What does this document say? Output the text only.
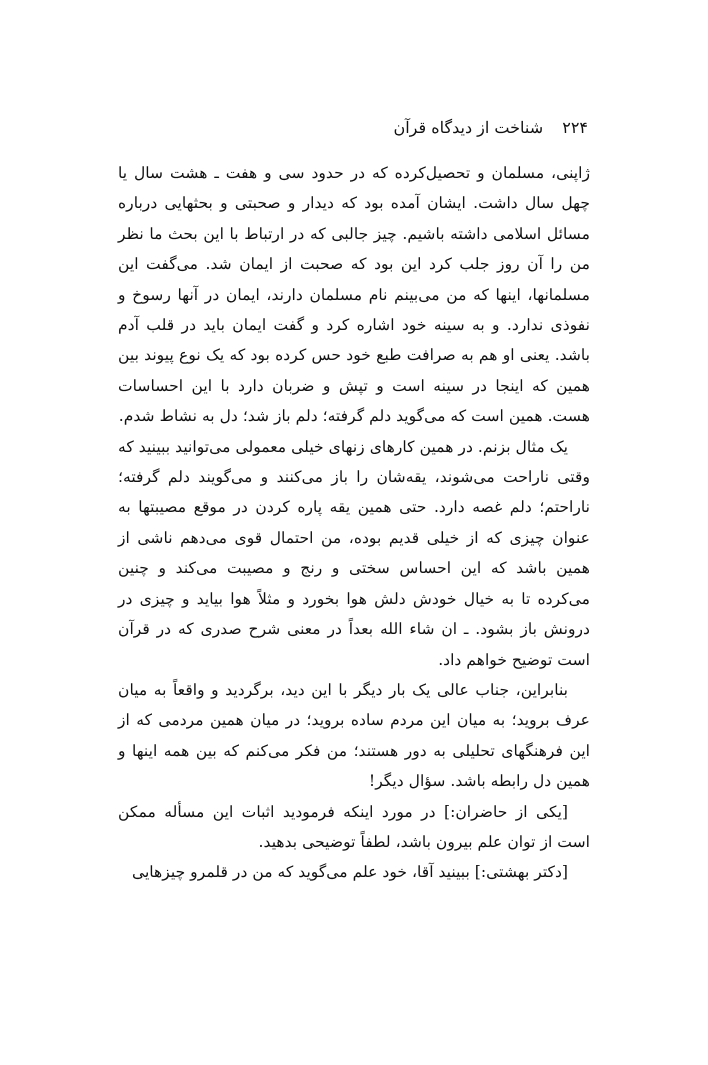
۲۲۴ شناخت از دیدگاه قرآن

ژاپنی، مسلمان و تحصیل‌کرده که در حدود سی و هفت ـ هشت سال یا چهل سال داشت. ایشان آمده بود که دیدار و صحبتی و بحثهایی درباره مسائل اسلامی داشته باشیم. چیز جالبی که در ارتباط با این بحث ما نظر من را آن روز جلب کرد این بود که صحبت از ایمان شد. می‌گفت این مسلمانها، اینها که من می‌بینم نام مسلمان دارند، ایمان در آنها رسوخ و نفوذی ندارد. و به سینه خود اشاره کرد و گفت ایمان باید در قلب آدم باشد. یعنی او هم به صرافت طبع خود حس کرده بود که یک نوع پیوند بین همین که اینجا در سینه است و تپش و ضربان دارد با این احساسات هست. همین است که می‌گوید دلم گرفته؛ دلم باز شد؛ دل به نشاط شدم.

یک مثال بزنم. در همین کارهای زنهای خیلی معمولی می‌توانید ببینید که وقتی ناراحت می‌شوند، یقه‌شان را باز می‌کنند و می‌گویند دلم گرفته؛ ناراحتم؛ دلم غصه دارد. حتی همین یقه پاره کردن در موقع مصیبتها به عنوان چیزی که از خیلی قدیم بوده، من احتمال قوی می‌دهم ناشی از همین باشد که این احساس سختی و رنج و مصیبت می‌کند و چنین می‌کرده تا به خیال خودش دلش هوا بخورد و مثلاً هوا بیاید و چیزی در درونش باز بشود. ـ ان شاء الله بعداً در معنی شرح صدری که در قرآن است توضیح خواهم داد.

بنابراین، جناب عالی یک بار دیگر با این دید، برگردید و واقعاً به میان عرف بروید؛ به میان این مردم ساده بروید؛ در میان همین مردمی که از این فرهنگهای تحلیلی به دور هستند؛ من فکر می‌کنم که بین همه اینها و همین دل رابطه باشد. سؤال دیگر!

[یکی از حاضران:] در مورد اینکه فرمودید اثبات این مسأله ممکن است از توان علم بیرون باشد، لطفاً توضیحی بدهید.

[دکتر بهشتی:] ببینید آقا، خود علم می‌گوید که من در قلمرو چیزهایی
